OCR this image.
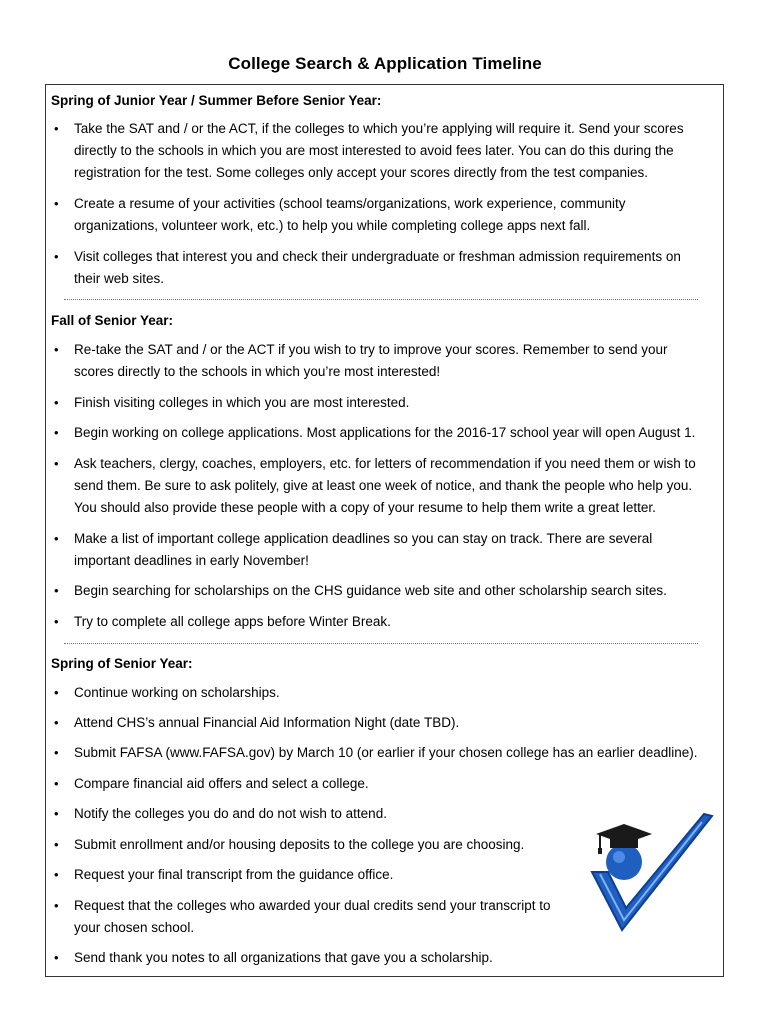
College Search & Application Timeline
Spring of Junior Year / Summer Before Senior Year:
• Take the SAT and / or the ACT, if the colleges to which you’re applying will require it. Send your scores
directly to the schools in which you are most interested to avoid fees later. You can do this during the
registration for the test. Some colleges only accept your scores directly from the test companies.
• Create a resume of your activities (school teams/organizations, work experience, community
organizations, volunteer work, etc.) to help you while completing college apps next fall.
• Visit colleges that interest you and check their undergraduate or freshman admission requirements on
their web sites.
Fall of Senior Year:
• Re-take the SAT and / or the ACT if you wish to try to improve your scores. Remember to send your
scores directly to the schools in which you’re most interested!
• Finish visiting colleges in which you are most interested.
• Begin working on college applications. Most applications for the 2016-17 school year will open August 1.
• Ask teachers, clergy, coaches, employers, etc. for letters of recommendation if you need them or wish to
send them. Be sure to ask politely, give at least one week of notice, and thank the people who help you.
You should also provide these people with a copy of your resume to help them write a great letter.
• Make a list of important college application deadlines so you can stay on track. There are several
important deadlines in early November!
• Begin searching for scholarships on the CHS guidance web site and other scholarship search sites.
• Try to complete all college apps before Winter Break.
Spring of Senior Year:
• Continue working on scholarships.
• Attend CHS’s annual Financial Aid Information Night (date TBD).
• Submit FAFSA (www.FAFSA.gov) by March 10 (or earlier if your chosen college has an earlier deadline).
• Compare financial aid offers and select a college.
• Notify the colleges you do and do not wish to attend.
• Submit enrollment and/or housing deposits to the college you are choosing.
• Request your final transcript from the guidance office.
• Request that the colleges who awarded your dual credits send your transcript to
your chosen school.
• Send thank you notes to all organizations that gave you a scholarship.
